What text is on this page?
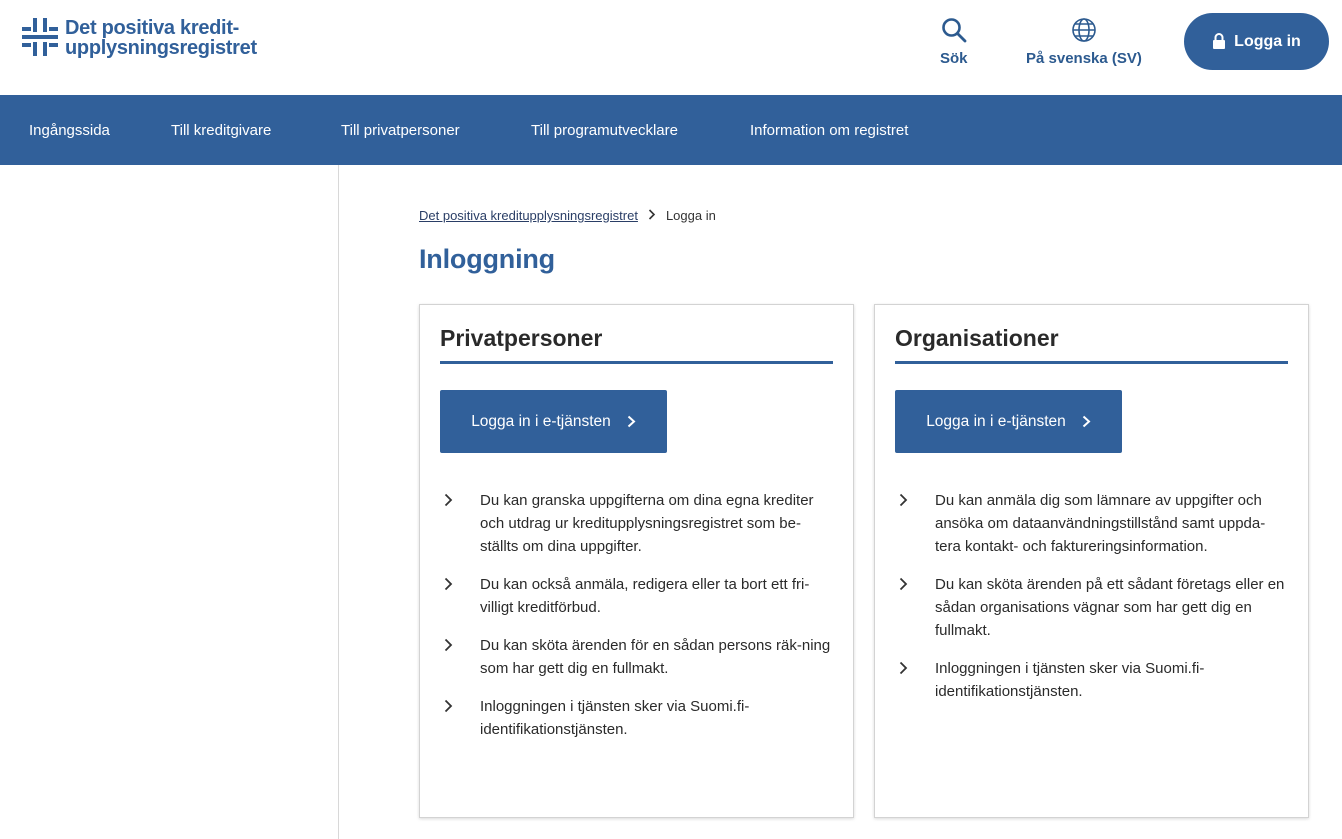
Det positiva kredit-
upplysningsregistret	Sök	På svenska (SV)
Logga in
Ingångssida	Till kreditgivare	Till privatpersoner	Till programutvecklare	Information om registret
Det positiva kreditupplysningsregistret Logga in
Inloggning
Privatpersoner
Logga in i e-tjänsten
Du kan granska uppgifterna om dina egna krediter och utdrag ur kreditupplysningsregistret som be-ställts om dina uppgifter.
Du kan också anmäla, redigera eller ta bort ett fri-villigt kreditförbud.
Du kan sköta ärenden för en sådan persons räk-ning som har gett dig en fullmakt.
Inloggningen i tjänsten sker via Suomi.fi-identifikationstjänsten.
Organisationer
Logga in i e-tjänsten
Du kan anmäla dig som lämnare av uppgifter och ansöka om dataanvändningstillstånd samt uppda-tera kontakt- och faktureringsinformation.
Du kan sköta ärenden på ett sådant företags eller en sådan organisations vägnar som har gett dig en fullmakt.
Inloggningen i tjänsten sker via Suomi.fi-identifikationstjänsten.
